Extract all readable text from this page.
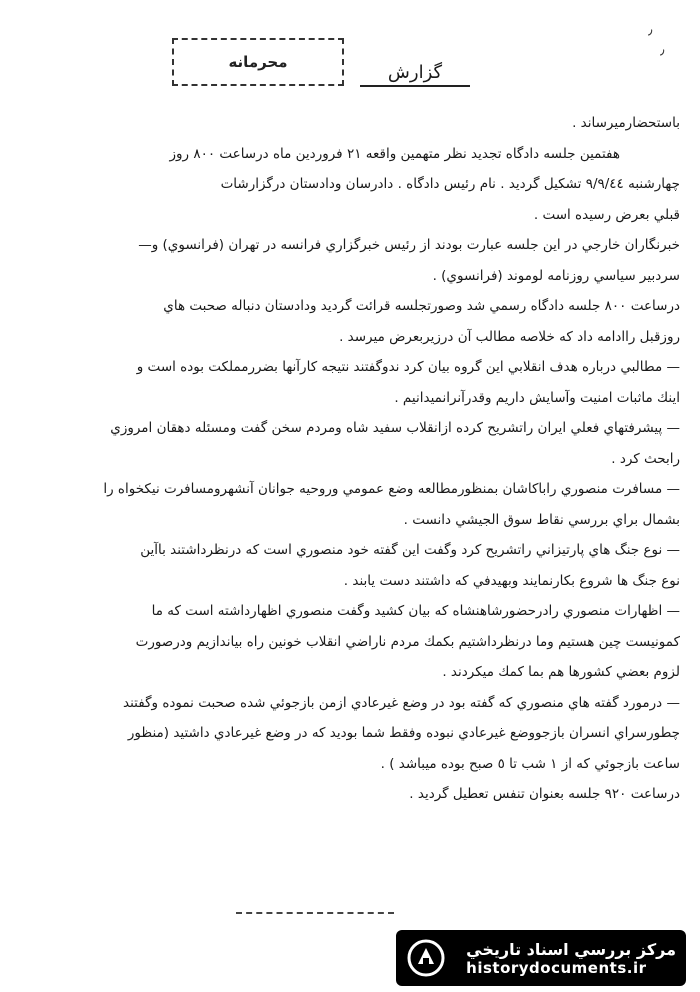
محرمانه	گزارش
٫
٫
باستحضارميرساند .
هفتمين جلسه دادگاه تجديد نظر متهمين واقعه ٢١ فروردين ماه درساعت ٨٠٠ روز
چهارشنبه ٩/٩/٤٤ تشكيل گرديد . نام رئيس دادگاه . دادرسان ودادستان درگزارشات
قبلي بعرض رسيده است .
خبرنگاران خارجي در اين جلسه عبارت بودند از رئيس خبرگزاري فرانسه در تهران (فرانسوي) و—
سردبير سياسي روزنامه لوموند (فرانسوي) .
درساعت ٨٠٠ جلسه دادگاه رسمي شد وصورتجلسه قرائت گرديد ودادستان دنباله صحبت هاي
روزقبل راادامه داد كه خلاصه مطالب آن درزيربعرض ميرسد .
— مطالبي درباره هدف انقلابي اين گروه بيان كرد ندوگفتند نتيجه كارآنها بضررمملكت بوده است و
اينك ماثبات امنيت وآسايش داريم وقدرآنرانميدانيم .
— پيشرفتهاي فعلي ايران راتشريح كرده ازانقلاب سفيد شاه ومردم سخن گفت ومسئله دهقان امروزي
رابحث كرد .
— مسافرت منصوري راباكاشان بمنظورمطالعه وضع عمومي وروحيه جوانان آنشهرومسافرت نيكخواه را
بشمال براي بررسي نقاط سوق الجيشي دانست .
— نوع جنگ هاي پارتيزاني راتشريح كرد وگفت اين گفته خود منصوري است كه درنظرداشتند باآين
نوع جنگ ها شروع بكارنمايند وبهيدفي كه داشتند دست يابند .
— اظهارات منصوري رادرحضورشاهنشاه كه بيان كشيد وگفت منصوري اظهارداشته است كه ما
كمونيست چين هستيم وما درنظرداشتيم بكمك مردم ناراضي انقلاب خونين راه بياندازيم ودرصورت
لزوم بعضي كشورها هم بما كمك ميكردند .
— درمورد گفته هاي منصوري كه گفته بود در وضع غيرعادي ازمن بازجوئي شده صحبت نموده وگفتند
چطورسراي انسران بازجووضع غيرعادي نبوده وفقط شما بوديد كه در وضع غيرعادي داشتيد (منظور
ساعت بازجوئي كه از ١ شب تا ٥ صبح بوده ميباشد ) .
درساعت ٩٢٠ جلسه بعنوان تنفس تعطيل گرديد .
مركز بررسي اسناد تاريخي
historydocuments.ir
